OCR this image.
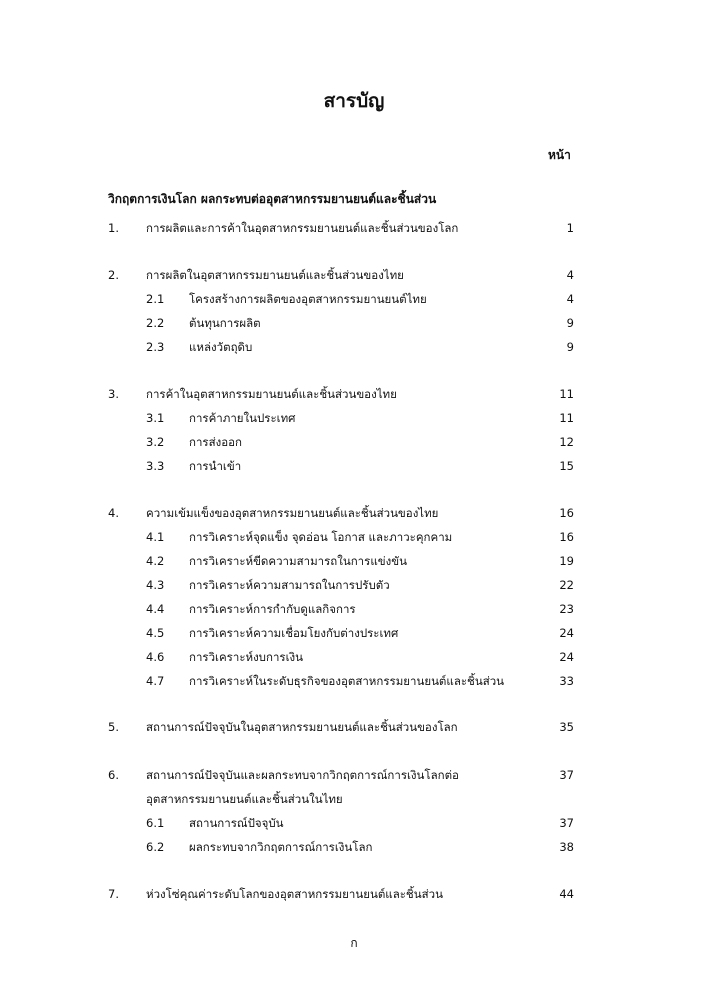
สารบัญ
หน้า
วิกฤตการเงินโลก ผลกระทบต่ออุตสาหกรรมยานยนต์และชิ้นส่วน
1. การผลิตและการค้าในอุตสาหกรรมยานยนต์และชิ้นส่วนของโลก	1
2. การผลิตในอุตสาหกรรมยานยนต์และชิ้นส่วนของไทย	4
2.1 โครงสร้างการผลิตของอุตสาหกรรมยานยนต์ไทย	4
2.2 ต้นทุนการผลิต	9
2.3 แหล่งวัตถุดิบ	9
3. การค้าในอุตสาหกรรมยานยนต์และชิ้นส่วนของไทย	11
3.1 การค้าภายในประเทศ	11
3.2 การส่งออก	12
3.3 การนำเข้า	15
4. ความเข้มแข็งของอุตสาหกรรมยานยนต์และชิ้นส่วนของไทย	16
4.1 การวิเคราะห์จุดแข็ง จุดอ่อน โอกาส และภาวะคุกคาม	16
4.2 การวิเคราะห์ขีดความสามารถในการแข่งขัน	19
4.3 การวิเคราะห์ความสามารถในการปรับตัว	22
4.4 การวิเคราะห์การกำกับดูแลกิจการ	23
4.5 การวิเคราะห์ความเชื่อมโยงกับต่างประเทศ	24
4.6 การวิเคราะห์งบการเงิน	24
4.7 การวิเคราะห์ในระดับธุรกิจของอุตสาหกรรมยานยนต์และชิ้นส่วน	33
5. สถานการณ์ปัจจุบันในอุตสาหกรรมยานยนต์และชิ้นส่วนของโลก	35
6. สถานการณ์ปัจจุบันและผลกระทบจากวิกฤตการณ์การเงินโลกต่อ	37
อุตสาหกรรมยานยนต์และชิ้นส่วนในไทย
6.1 สถานการณ์ปัจจุบัน	37
6.2 ผลกระทบจากวิกฤตการณ์การเงินโลก	38
7. ห่วงโซ่คุณค่าระดับโลกของอุตสาหกรรมยานยนต์และชิ้นส่วน	44
ก
